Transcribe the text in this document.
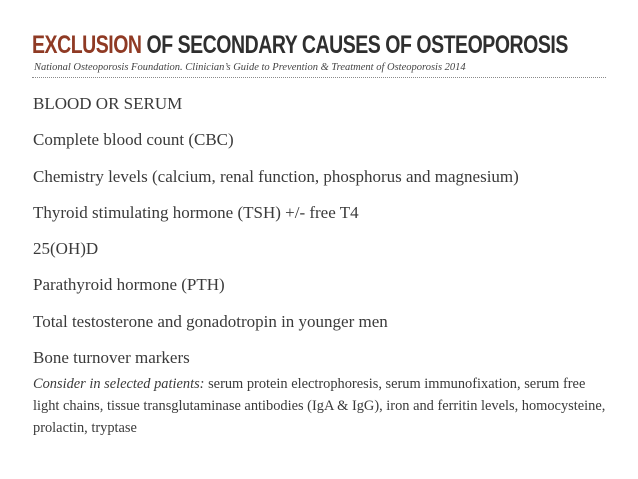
EXCLUSION OF SECONDARY CAUSES OF OSTEOPOROSIS
National Osteoporosis Foundation. Clinician’s Guide to Prevention & Treatment of Osteoporosis 2014
BLOOD OR SERUM
Complete blood count (CBC)
Chemistry levels (calcium, renal function, phosphorus and magnesium)
Thyroid stimulating hormone (TSH) +/- free T4
25(OH)D
Parathyroid hormone (PTH)
Total testosterone and gonadotropin in younger men
Bone turnover markers
Consider in selected patients: serum protein electrophoresis, serum immunofixation, serum free light chains, tissue transglutaminase antibodies (IgA & IgG), iron and ferritin levels, homocysteine, prolactin, tryptase
